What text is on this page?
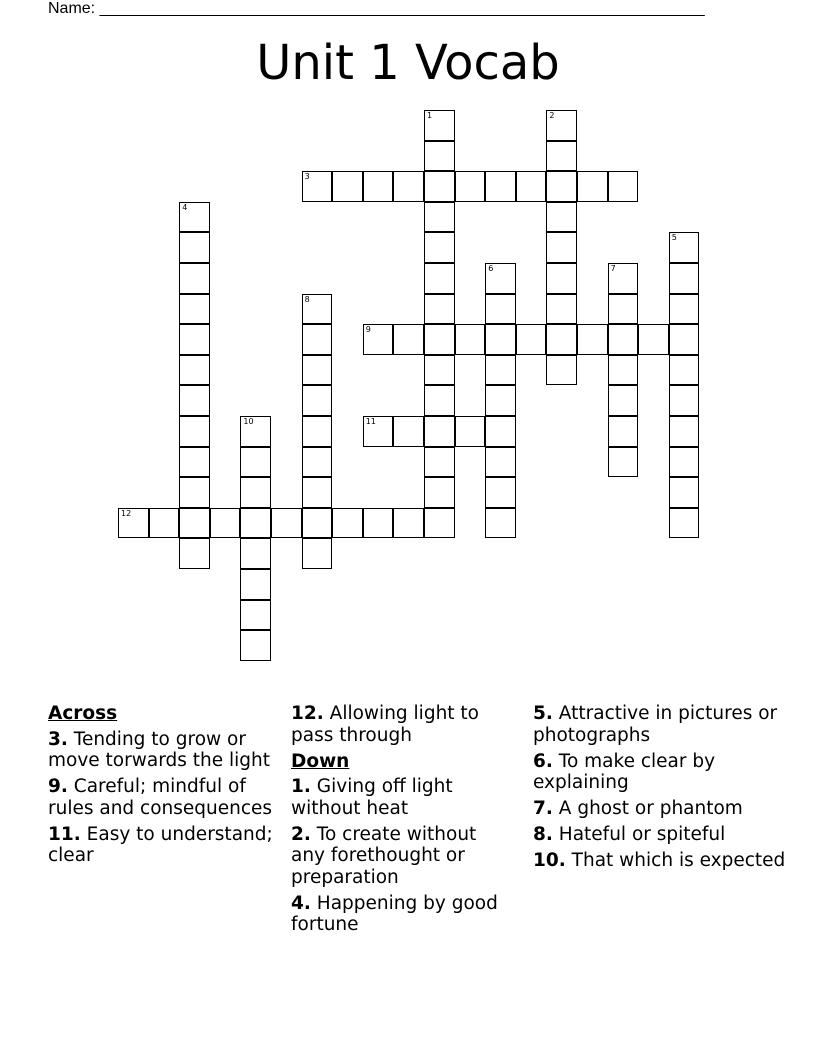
Name: ____________________________________________________________________
Unit 1 Vocab
1	2
3
4
5
6	7
8
9
10	11
12
Across
3. Tending to grow or move torwards the light
9. Careful; mindful of rules and consequences
11. Easy to understand; clear
12. Allowing light to pass through
Down
1. Giving off light without heat
2. To create without any forethought or preparation
4. Happening by good fortune
5. Attractive in pictures or photographs
6. To make clear by explaining
7. A ghost or phantom
8. Hateful or spiteful
10. That which is expected
